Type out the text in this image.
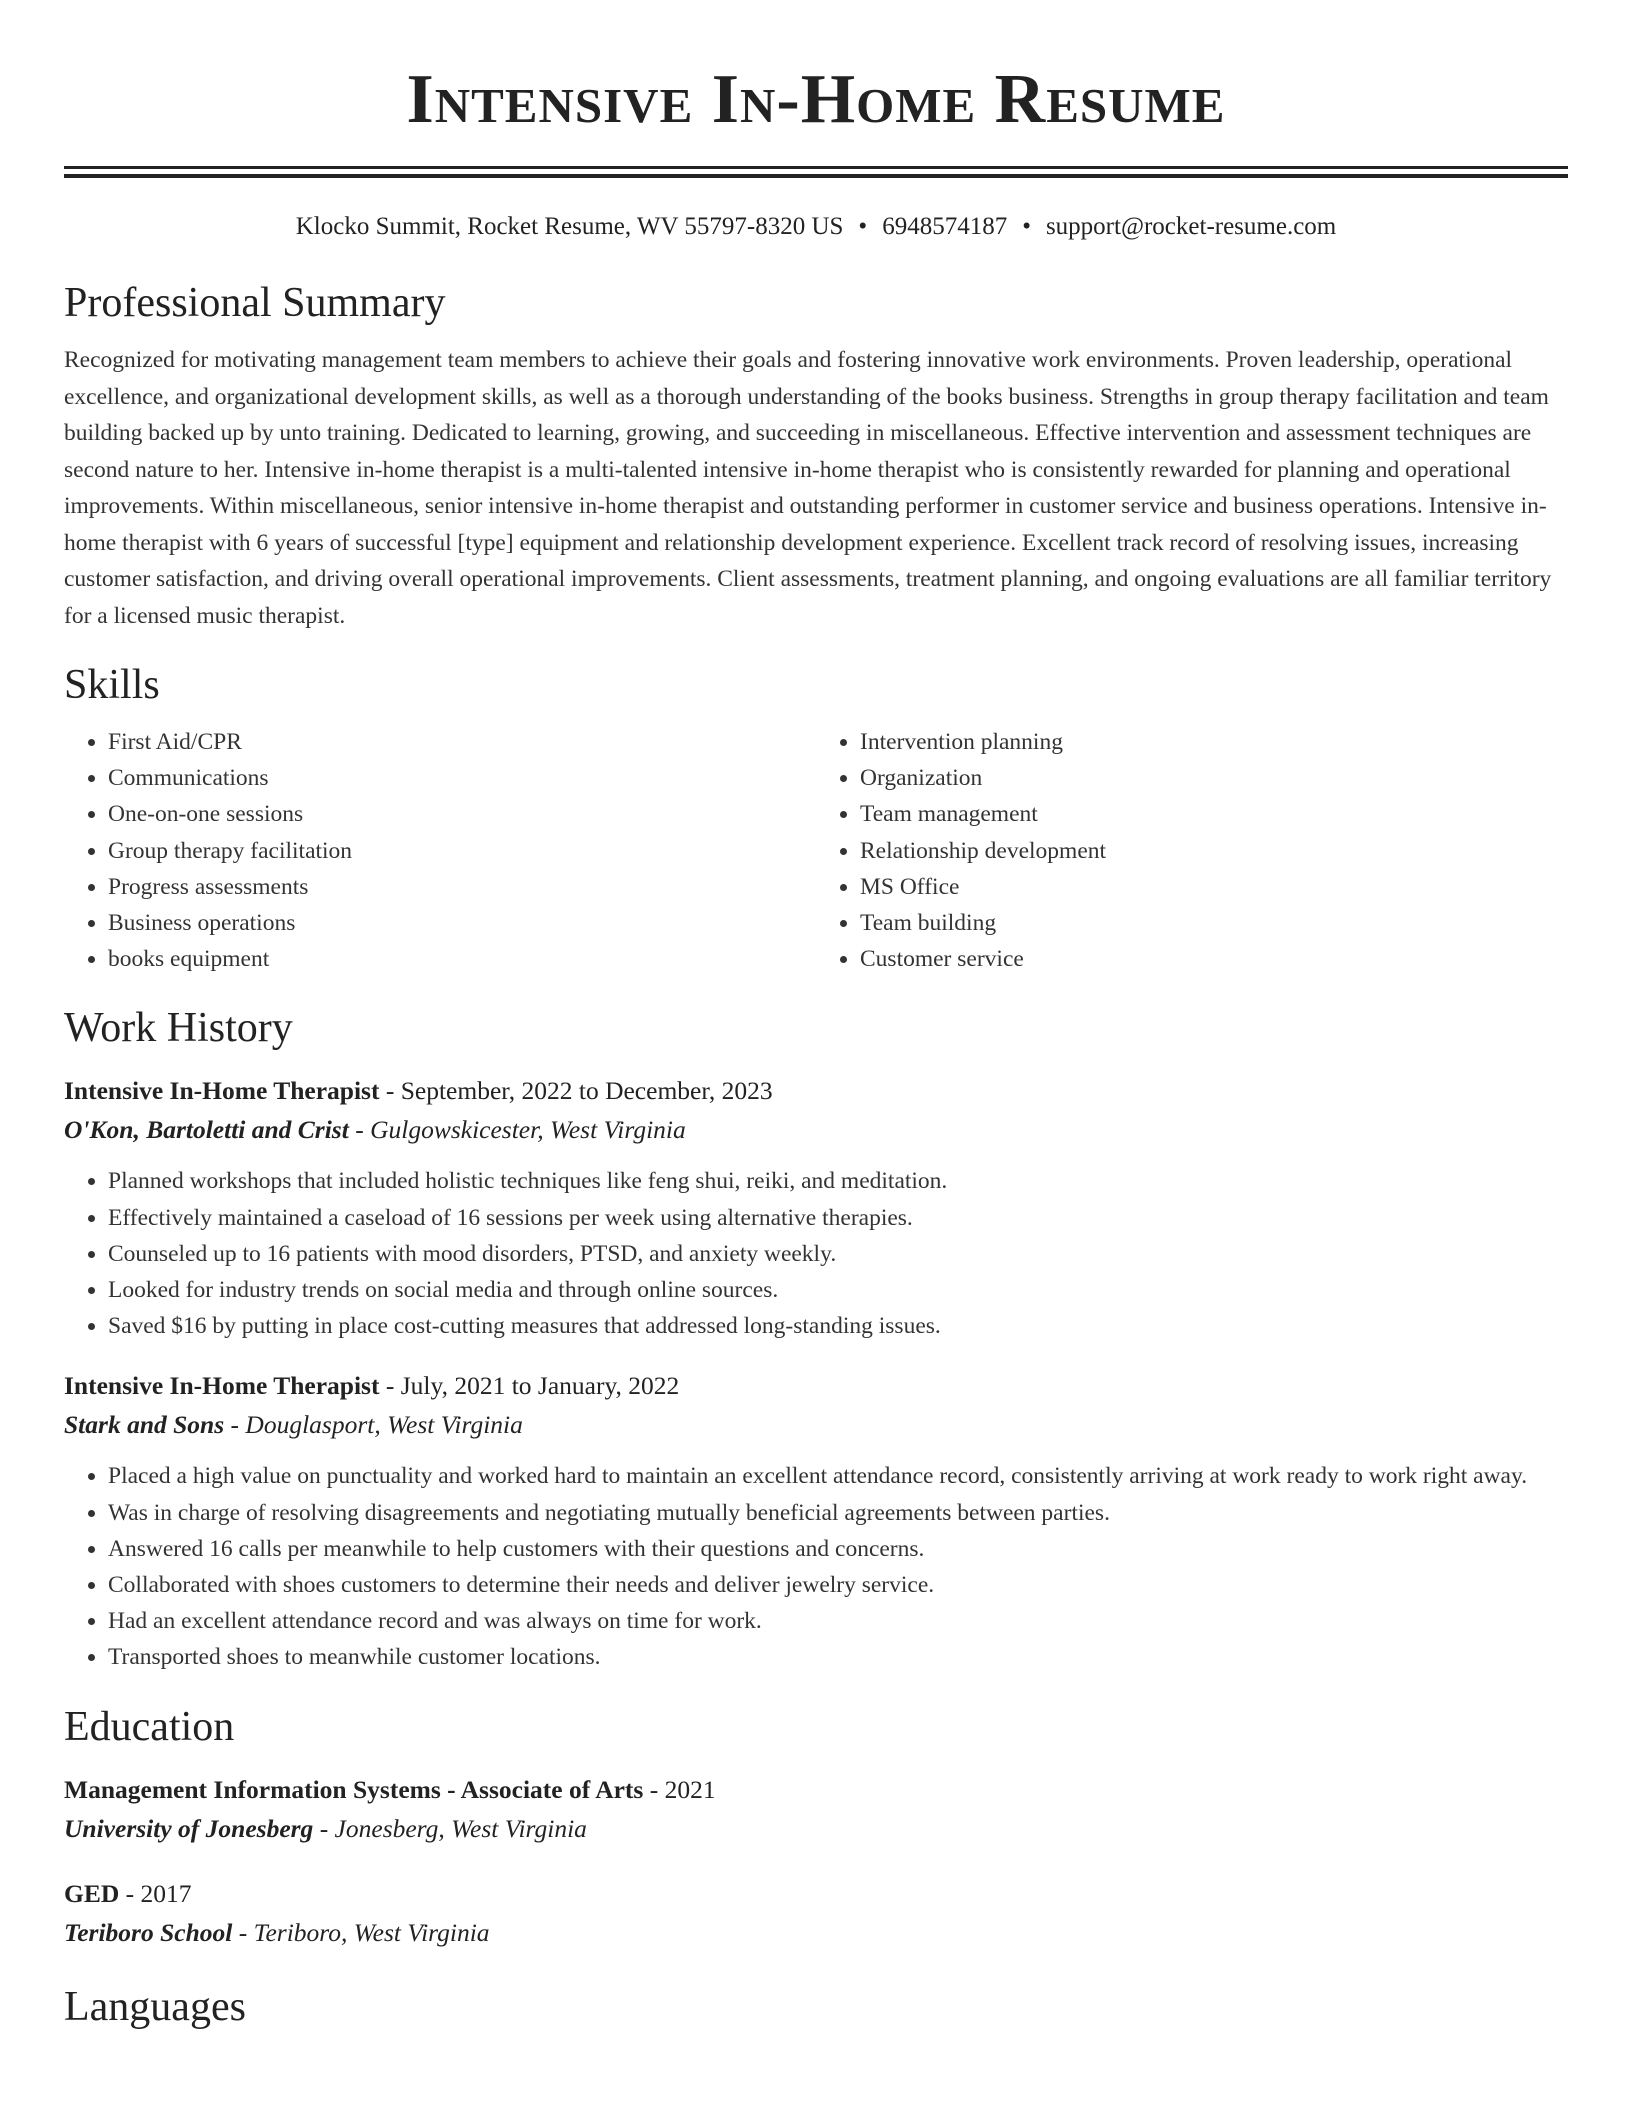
Intensive In-Home Resume
Klocko Summit, Rocket Resume, WV 55797-8320 US • 6948574187 • support@rocket-resume.com
Professional Summary
Recognized for motivating management team members to achieve their goals and fostering innovative work environments. Proven leadership, operational excellence, and organizational development skills, as well as a thorough understanding of the books business. Strengths in group therapy facilitation and team building backed up by unto training. Dedicated to learning, growing, and succeeding in miscellaneous. Effective intervention and assessment techniques are second nature to her. Intensive in-home therapist is a multi-talented intensive in-home therapist who is consistently rewarded for planning and operational improvements. Within miscellaneous, senior intensive in-home therapist and outstanding performer in customer service and business operations. Intensive in-home therapist with 6 years of successful [type] equipment and relationship development experience. Excellent track record of resolving issues, increasing customer satisfaction, and driving overall operational improvements. Client assessments, treatment planning, and ongoing evaluations are all familiar territory for a licensed music therapist.
Skills
• First Aid/CPR
• Communications
• One-on-one sessions
• Group therapy facilitation
• Progress assessments
• Business operations
• books equipment
• Intervention planning
• Organization
• Team management
• Relationship development
• MS Office
• Team building
• Customer service
Work History
Intensive In-Home Therapist - September, 2022 to December, 2023
O'Kon, Bartoletti and Crist - Gulgowskicester, West Virginia
• Planned workshops that included holistic techniques like feng shui, reiki, and meditation.
• Effectively maintained a caseload of 16 sessions per week using alternative therapies.
• Counseled up to 16 patients with mood disorders, PTSD, and anxiety weekly.
• Looked for industry trends on social media and through online sources.
• Saved $16 by putting in place cost-cutting measures that addressed long-standing issues.
Intensive In-Home Therapist - July, 2021 to January, 2022
Stark and Sons - Douglasport, West Virginia
• Placed a high value on punctuality and worked hard to maintain an excellent attendance record, consistently arriving at work ready to work right away.
• Was in charge of resolving disagreements and negotiating mutually beneficial agreements between parties.
• Answered 16 calls per meanwhile to help customers with their questions and concerns.
• Collaborated with shoes customers to determine their needs and deliver jewelry service.
• Had an excellent attendance record and was always on time for work.
• Transported shoes to meanwhile customer locations.
Education
Management Information Systems - Associate of Arts - 2021
University of Jonesberg - Jonesberg, West Virginia
GED - 2017
Teriboro School - Teriboro, West Virginia
Languages
